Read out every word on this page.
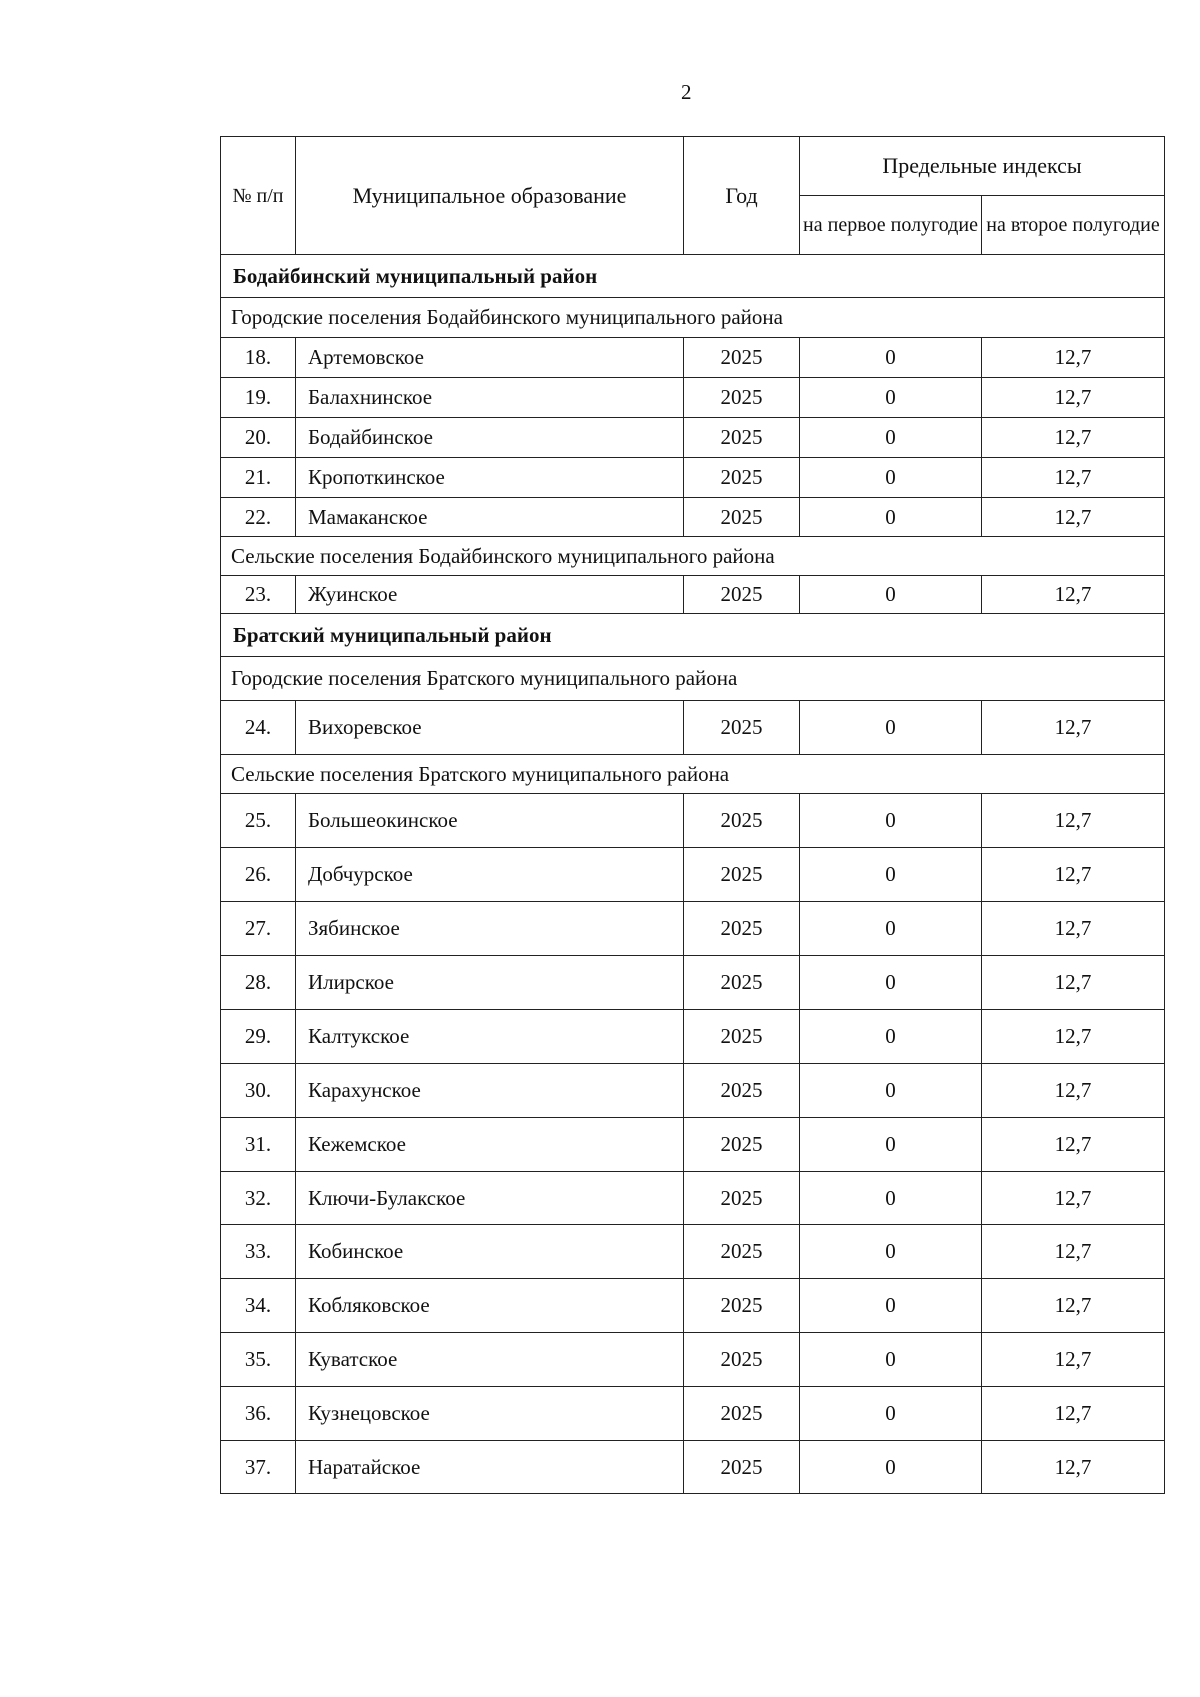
2
№ п/п	Муниципальное образование	Год	Предельные индексы	
			на первое полугодие	на второе полугодие
Бодайбинский муниципальный район				
Городские поселения Бодайбинского муниципального района				
18.	Артемовское	2025	0	12,7
19.	Балахнинское	2025	0	12,7
20.	Бодайбинское	2025	0	12,7
21.	Кропоткинское	2025	0	12,7
22.	Мамаканское	2025	0	12,7
Сельские поселения Бодайбинского муниципального района				
23.	Жуинское	2025	0	12,7
Братский муниципальный район				
Городские поселения Братского муниципального района				
24.	Вихоревское	2025	0	12,7
Сельские поселения Братского муниципального района				
25.	Большеокинское	2025	0	12,7
26.	Добчурское	2025	0	12,7
27.	Зябинское	2025	0	12,7
28.	Илирское	2025	0	12,7
29.	Калтукское	2025	0	12,7
30.	Карахунское	2025	0	12,7
31.	Кежемское	2025	0	12,7
32.	Ключи-Булакское	2025	0	12,7
33.	Кобинское	2025	0	12,7
34.	Кобляковское	2025	0	12,7
35.	Куватское	2025	0	12,7
36.	Кузнецовское	2025	0	12,7
37.	Наратайское	2025	0	12,7
